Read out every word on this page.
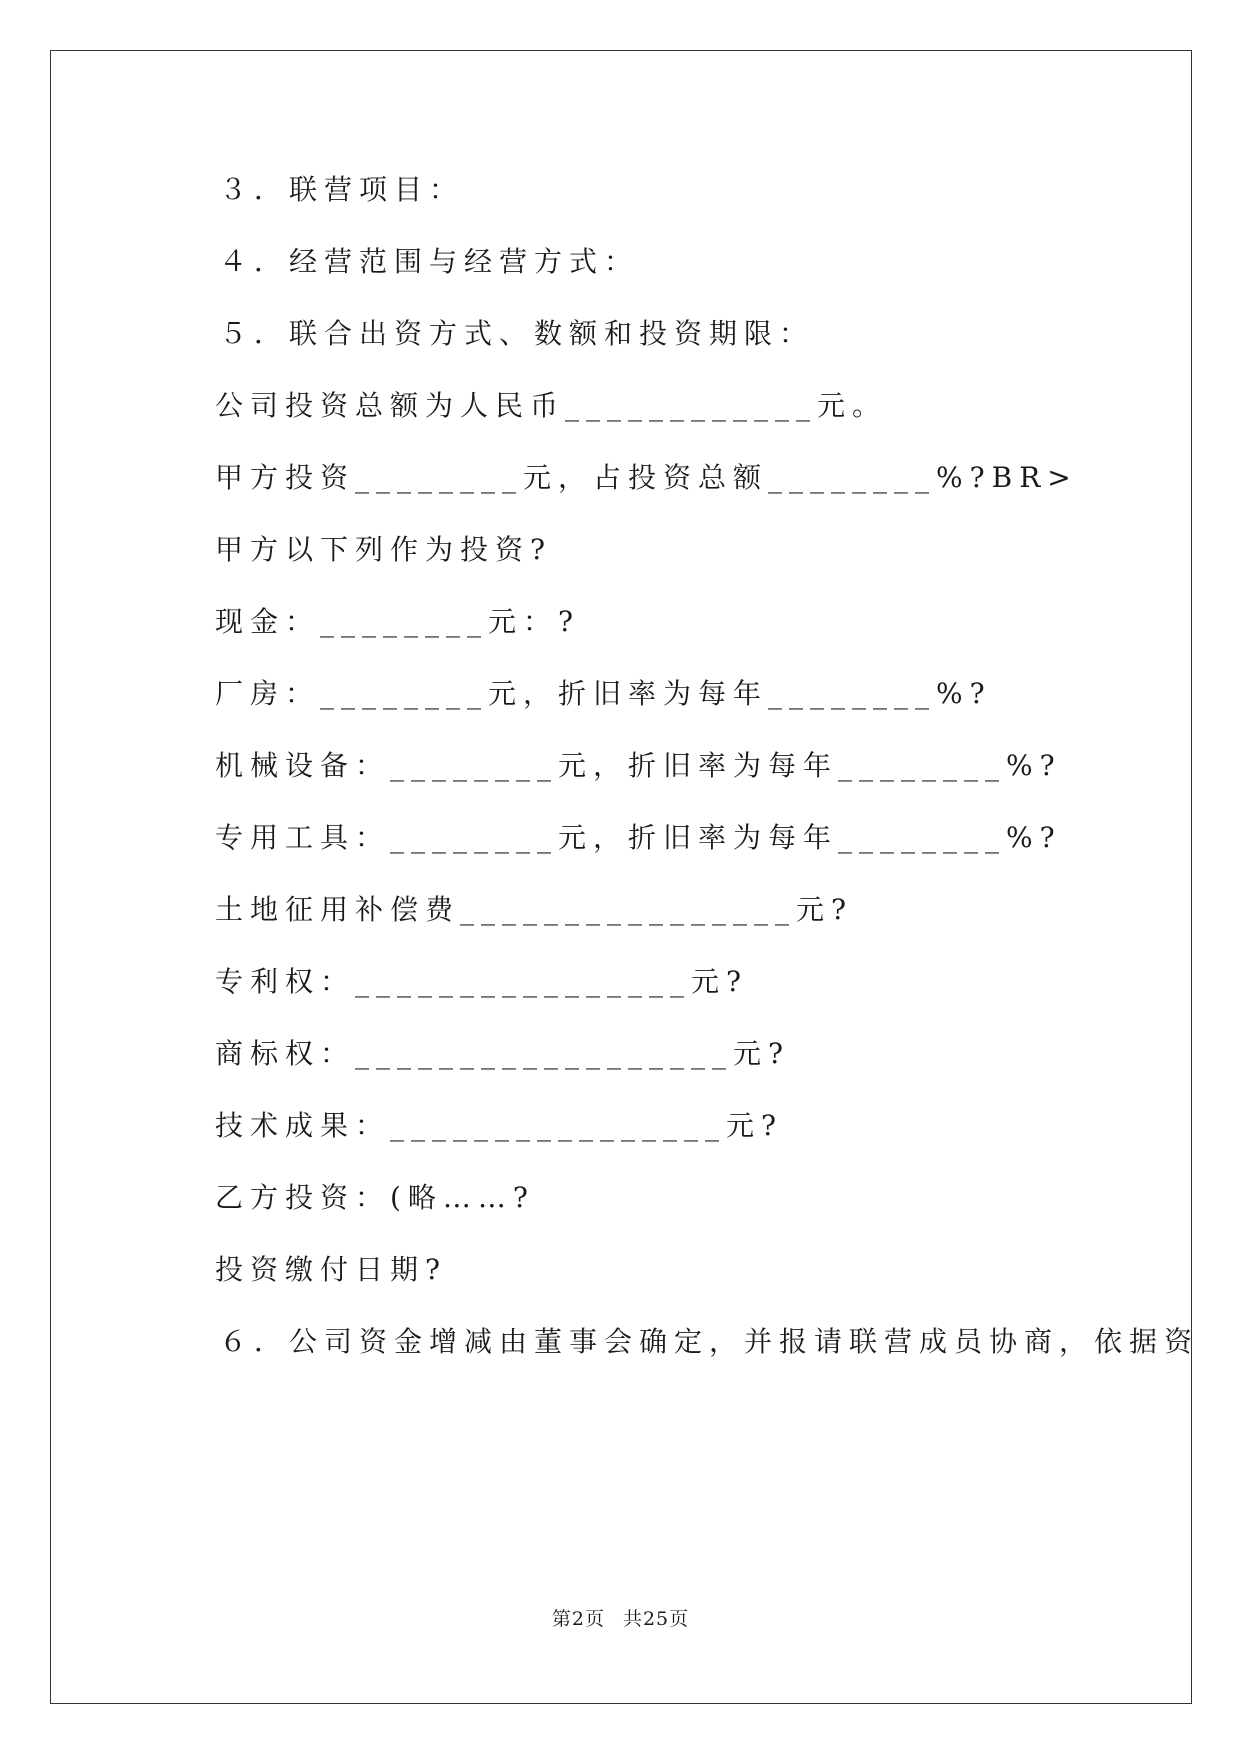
３．联营项目：
４．经营范围与经营方式：
５．联合出资方式、数额和投资期限：
公司投资总额为人民币____________元。
甲方投资________元，占投资总额________%?BR>
甲方以下列作为投资?
现金：________元：?
厂房：________元，折旧率为每年________%?
机械设备：________元，折旧率为每年________%?
专用工具：________元，折旧率为每年________%?
土地征用补偿费________________元?
专利权：________________元?
商标权：__________________元?
技术成果：________________元?
乙方投资：(略……?
投资缴付日期?
６．公司资金增减由董事会确定，并报请联营成员协商，依据资
第2页 共25页
